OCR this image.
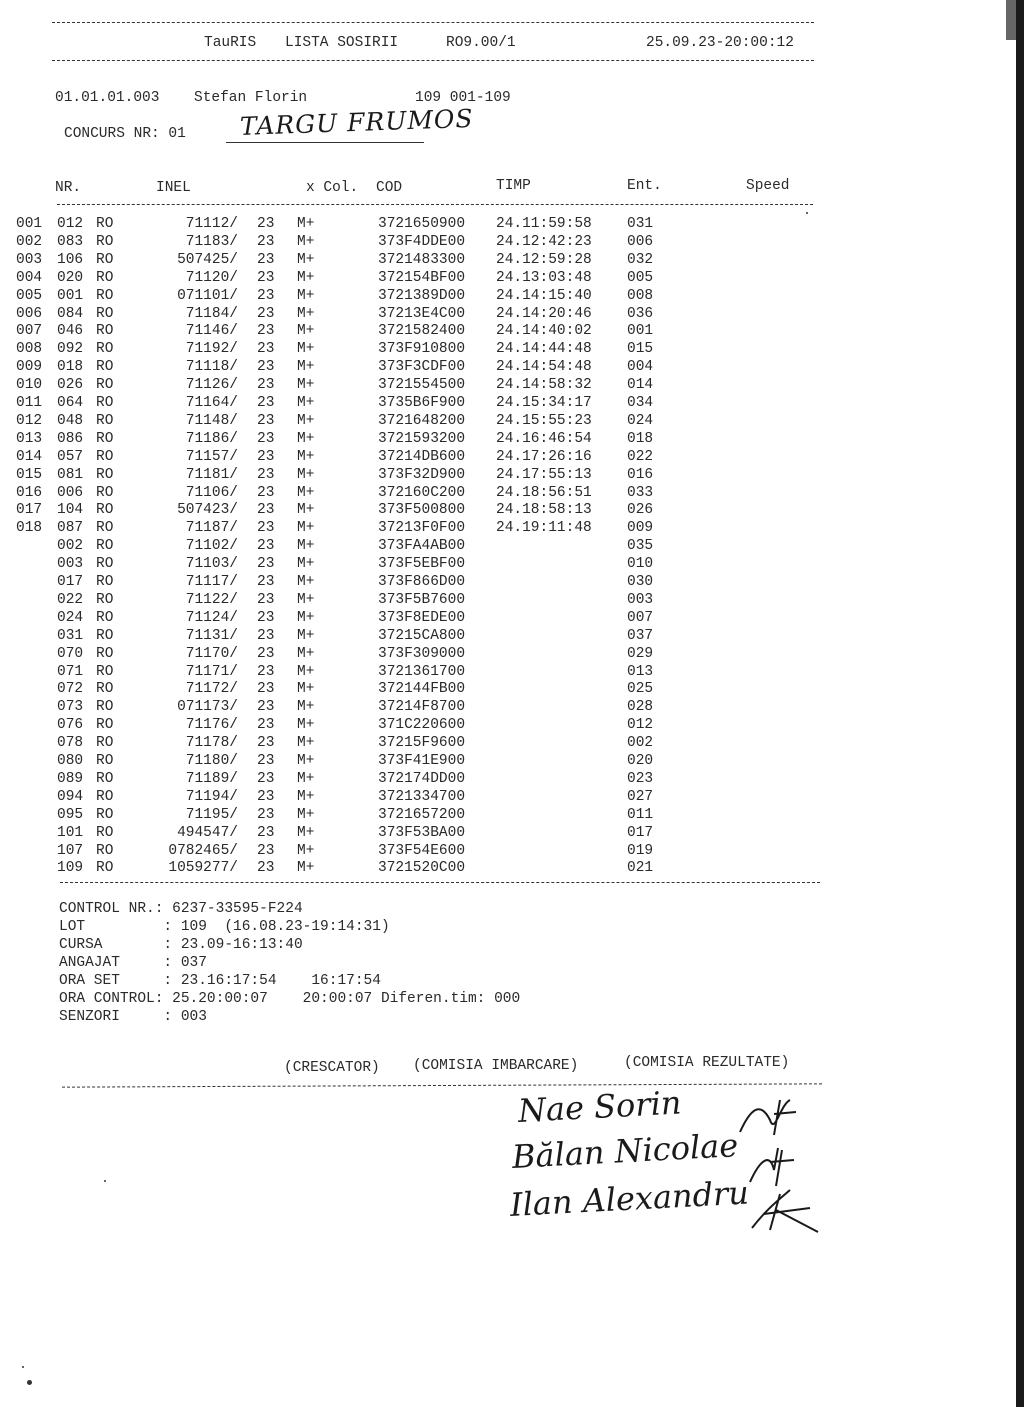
TauRIS LISTA SOSIRII	RO9.00/1	25.09.23-20:00:12
01.01.01.003 Stefan Florin	109 001-109
CONCURS NR: 01 TARGU FRUMOS
NR.	INEL	x Col. COD	TIMP	Ent.	Speed
001 012 RO	71112/ 23 M+	3721650900 24.11:59:58 031
002 083 RO	71183/ 23 M+	373F4DDE00 24.12:42:23 006
003 106 RO	507425/ 23 M+	3721483300 24.12:59:28 032
004 020 RO	71120/ 23 M+	372154BF00 24.13:03:48 005
005 001 RO	071101/ 23 M+	3721389D00 24.14:15:40 008
006 084 RO	71184/ 23 M+	37213E4C00 24.14:20:46 036
007 046 RO	71146/ 23 M+	3721582400 24.14:40:02 001
008 092 RO	71192/ 23 M+	373F910800 24.14:44:48 015
009 018 RO	71118/ 23 M+	373F3CDF00 24.14:54:48 004
010 026 RO	71126/ 23 M+	3721554500 24.14:58:32 014
011 064 RO	71164/ 23 M+	3735B6F900 24.15:34:17 034
012 048 RO	71148/ 23 M+	3721648200 24.15:55:23 024
013 086 RO	71186/ 23 M+	3721593200 24.16:46:54 018
014 057 RO	71157/ 23 M+	37214DB600 24.17:26:16 022
015 081 RO	71181/ 23 M+	373F32D900 24.17:55:13 016
016 006 RO	71106/ 23 M+	372160C200 24.18:56:51 033
017 104 RO	507423/ 23 M+	373F500800 24.18:58:13 026
018 087 RO	71187/ 23 M+	37213F0F00 24.19:11:48 009
002 RO	71102/ 23 M+	373FA4AB00	035
003 RO	71103/ 23 M+	373F5EBF00	010
017 RO	71117/ 23 M+	373F866D00	030
022 RO	71122/ 23 M+	373F5B7600	003
024 RO	71124/ 23 M+	373F8EDE00	007
031 RO	71131/ 23 M+	37215CA800	037
070 RO	71170/ 23 M+	373F309000	029
071 RO	71171/ 23 M+	3721361700	013
072 RO	71172/ 23 M+	372144FB00	025
073 RO	071173/ 23 M+	37214F8700	028
076 RO	71176/ 23 M+	371C220600	012
078 RO	71178/ 23 M+	37215F9600	002
080 RO	71180/ 23 M+	373F41E900	020
089 RO	71189/ 23 M+	372174DD00	023
094 RO	71194/ 23 M+	3721334700	027
095 RO	71195/ 23 M+	3721657200	011
101 RO	494547/ 23 M+	373F53BA00	017
107 RO	0782465/ 23 M+	373F54E600	019
109 RO	1059277/ 23 M+	3721520C00	021
CONTROL NR.: 6237-33595-F224
LOT         : 109  (16.08.23-19:14:31)
CURSA       : 23.09-16:13:40
ANGAJAT     : 037
ORA SET     : 23.16:17:54    16:17:54
ORA CONTROL: 25.20:00:07    20:00:07 Diferen.tim: 000
SENZORI     : 003
(CRESCATOR) (COMISIA IMBARCARE)	(COMISIA REZULTATE)
Nae Sorin
Bălan Nicolae
Ilan Alexandru
